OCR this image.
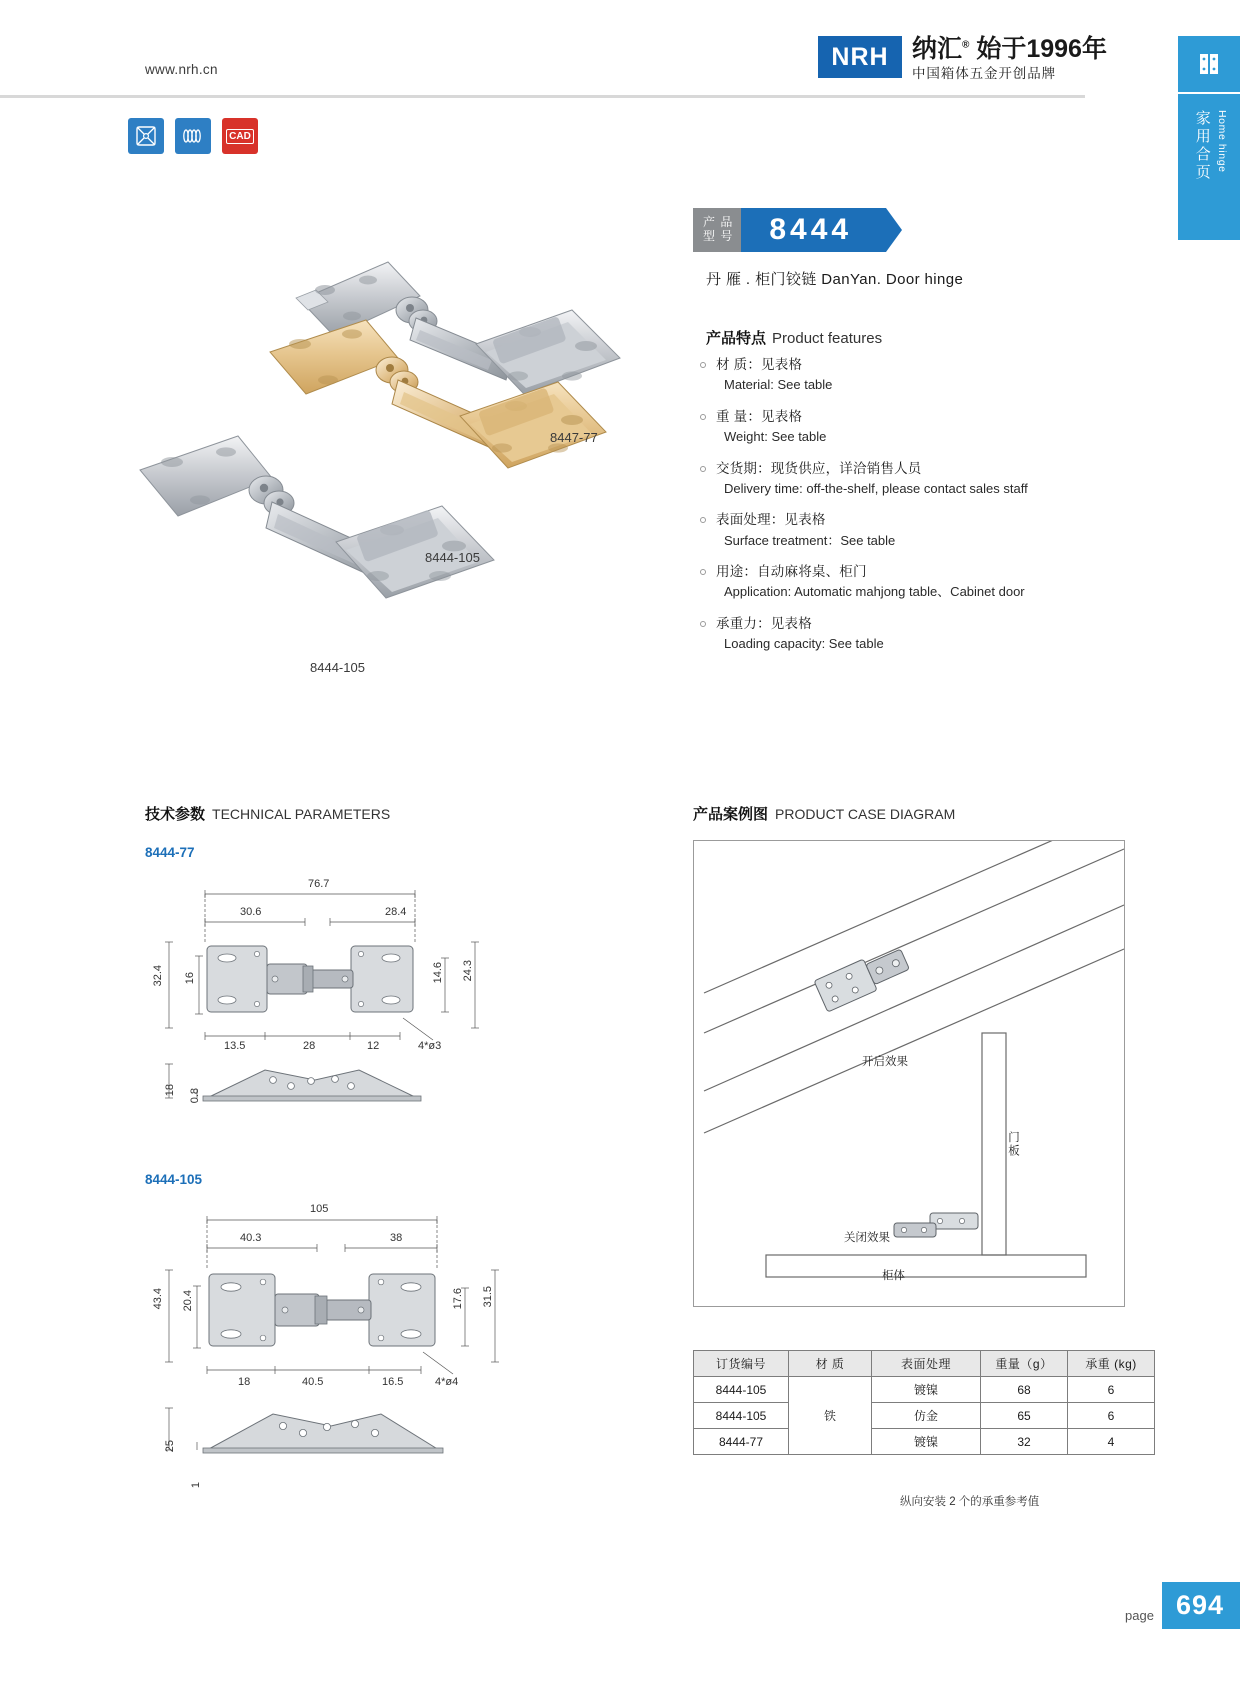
www.nrh.cn	NRH 纳汇® 始于1996年
中国箱体五金开创品牌
家用合页 Home hinge
CAD
8447-77
8444-105
8444-105
产 品
型 号	8444
丹 雁 . 柜门铰链 DanYan. Door hinge
产品特点 Product features
材 质：见表格
Material: See table
重 量：见表格
Weight: See table
交货期：现货供应，详洽销售人员
Delivery time: off-the-shelf, please contact sales staff
表面处理：见表格
Surface treatment：See table
用途：自动麻将桌、柜门
Application: Automatic mahjong table、Cabinet door
承重力：见表格
Loading capacity: See table
技术参数 TECHNICAL PARAMETERS
8444-77
76.7
30.6	28.4
32.4 16	14.6 24.3
13.5	28	12	4*ø3
18 0.8
8444-105
105
40.3	38
43.4 20.4	17.6 31.5
18	40.5	16.5	4*ø4
25
1
产品案例图 PRODUCT CASE DIAGRAM
开启效果
关闭效果
柜体
门板
订货编号	材 质	表面处理	重量（g）	承重 (kg)
8444-105	铁	镀镍	68	6
8444-105		仿金	65	6
8444-77		镀镍	32	4
纵向安装 2 个的承重参考值
page 694
